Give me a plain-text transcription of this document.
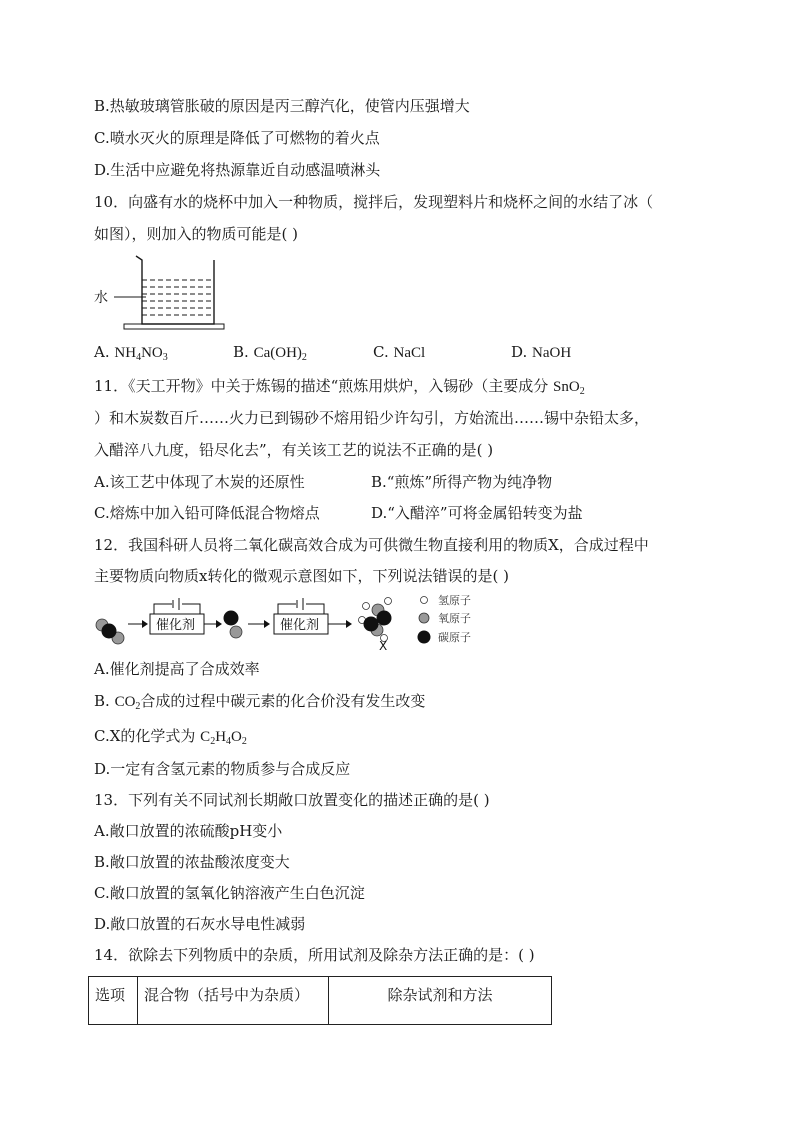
B.热敏玻璃管胀破的原因是丙三醇汽化，使管内压强增大
C.喷水灭火的原理是降低了可燃物的着火点
D.生活中应避免将热源靠近自动感温喷淋头
10．向盛有水的烧杯中加入一种物质，搅拌后，发现塑料片和烧杯之间的水结了冰（
如图），则加入的物质可能是( )
水
A. $NH_4NO_3$	B. $Ca(OH)_2$	C. NaCl	D. NaOH
11．《天工开物》中关于炼锡的描述“煎炼用烘炉，入锡砂（主要成分 SnO$_2$
）和木炭数百斤……火力已到锡砂不熔用铅少许勾引，方始流出……锡中杂铅太多，
入醋淬八九度，铅尽化去”，有关该工艺的说法不正确的是( )
A.该工艺中体现了木炭的还原性	B.“煎炼”所得产物为纯净物
C.熔炼中加入铅可降低混合物熔点	D.“入醋淬”可将金属铅转变为盐
12．我国科研人员将二氧化碳高效合成为可供微生物直接利用的物质X，合成过程中
主要物质向物质x转化的微观示意图如下，下列说法错误的是( )
催化剂	催化剂
X
氢原子
氧原子
碳原子
A.催化剂提高了合成效率
B. $CO_2$合成的过程中碳元素的化合价没有发生改变
C.X的化学式为 $C_2H_4O_2$
D.一定有含氢元素的物质参与合成反应
13．下列有关不同试剂长期敞口放置变化的描述正确的是( )
A.敞口放置的浓硫酸pH变小
B.敞口放置的浓盐酸浓度变大
C.敞口放置的氢氧化钠溶液产生白色沉淀
D.敞口放置的石灰水导电性减弱
14．欲除去下列物质中的杂质，所用试剂及除杂方法正确的是：( )
选项	混合物（括号中为杂质）	除杂试剂和方法
